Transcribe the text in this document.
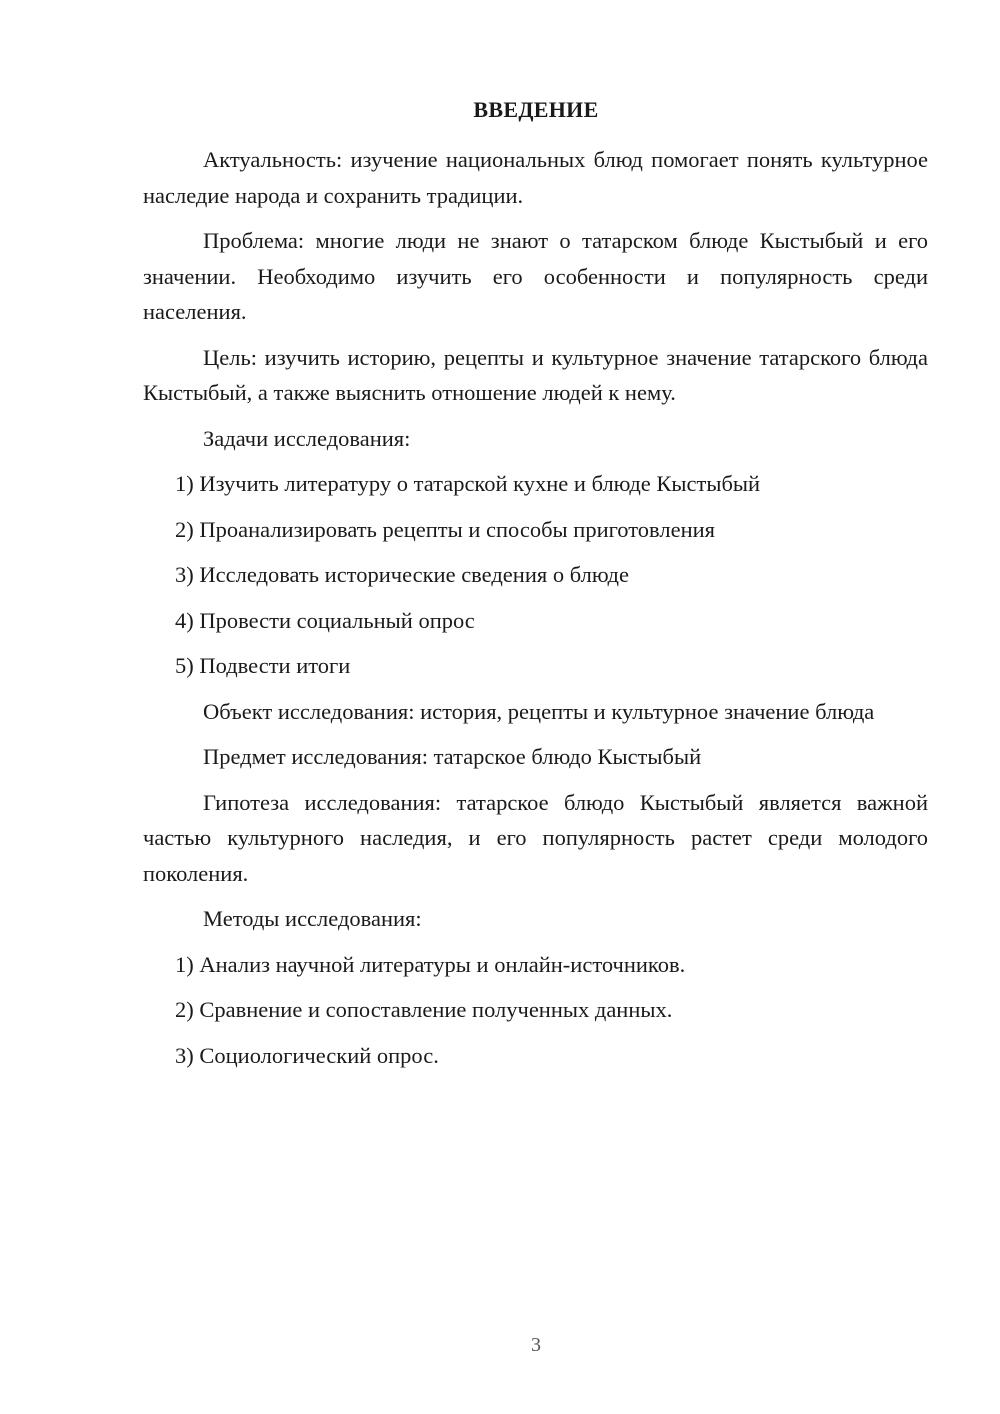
ВВЕДЕНИЕ

Актуальность: изучение национальных блюд помогает понять культурное наследие народа и сохранить традиции.

Проблема: многие люди не знают о татарском блюде Кыстыбый и его значении. Необходимо изучить его особенности и популярность среди населения.

Цель: изучить историю, рецепты и культурное значение татарского блюда Кыстыбый, а также выяснить отношение людей к нему.

Задачи исследования:

1) Изучить литературу о татарской кухне и блюде Кыстыбый
2) Проанализировать рецепты и способы приготовления
3) Исследовать исторические сведения о блюде
4) Провести социальный опрос
5) Подвести итоги

Объект исследования: история, рецепты и культурное значение блюда

Предмет исследования: татарское блюдо Кыстыбый

Гипотеза исследования: татарское блюдо Кыстыбый является важной частью культурного наследия, и его популярность растет среди молодого поколения.

Методы исследования:

1) Анализ научной литературы и онлайн-источников.
2) Сравнение и сопоставление полученных данных.
3) Социологический опрос.
3
